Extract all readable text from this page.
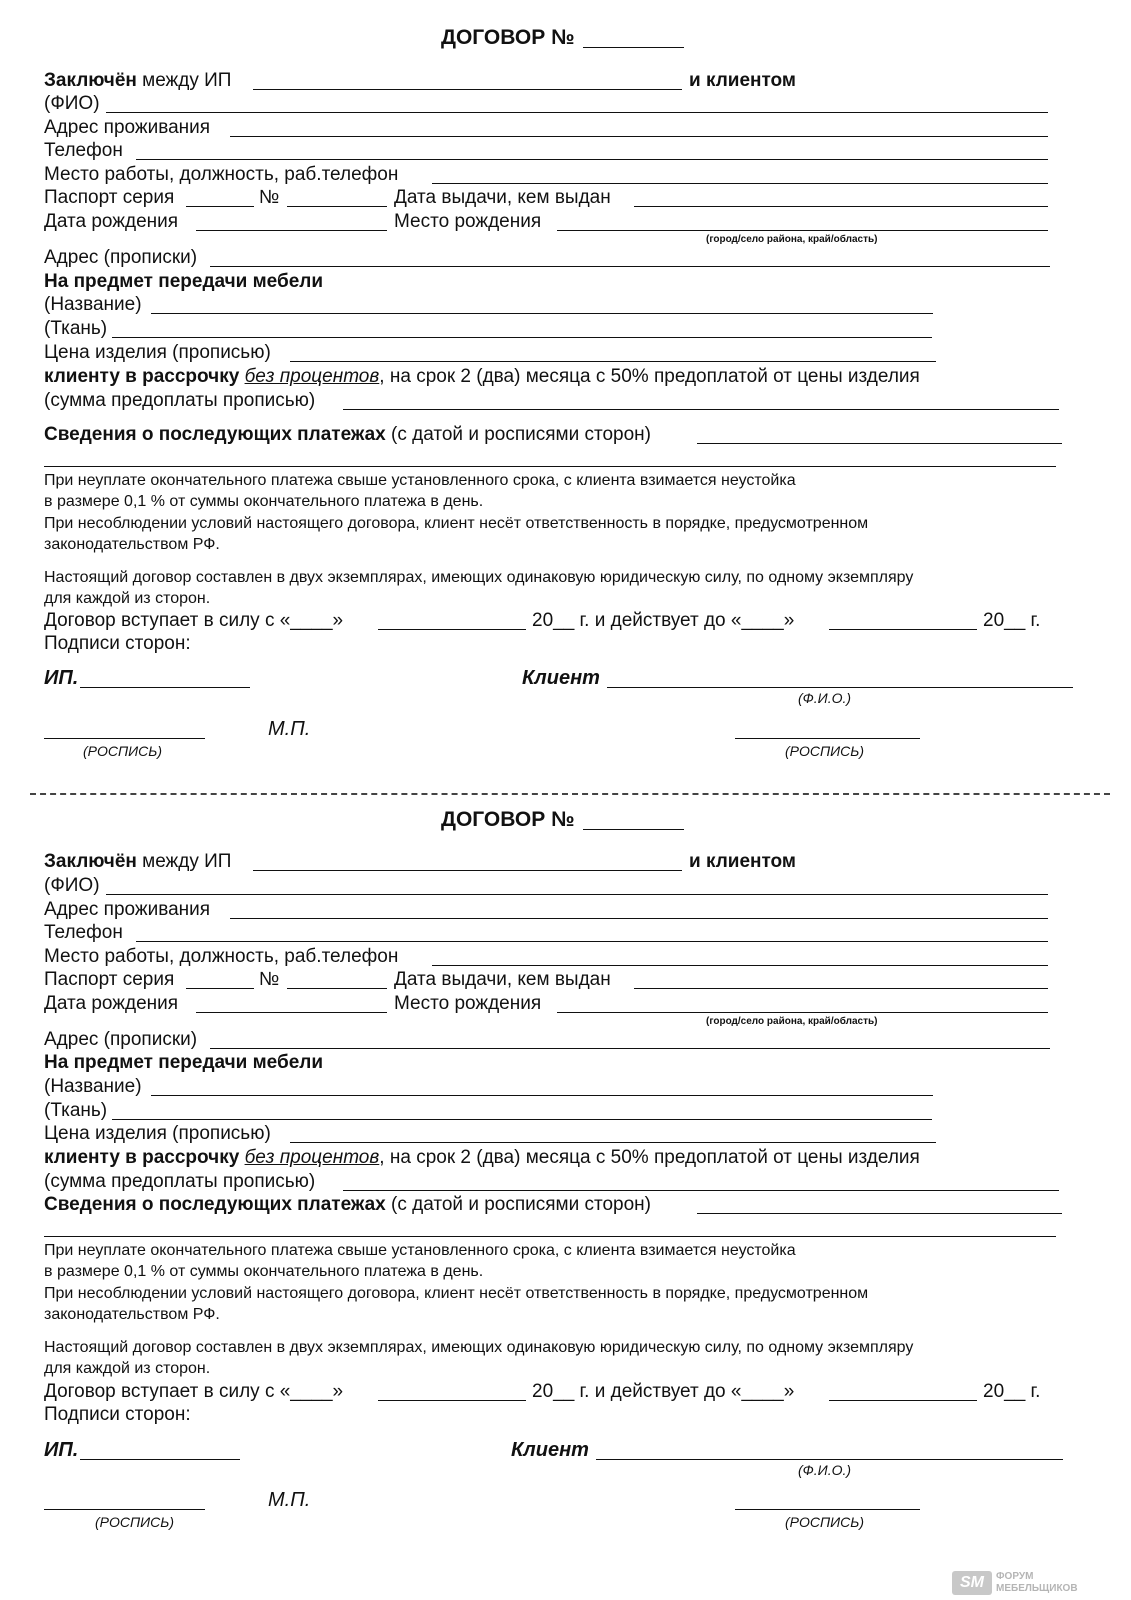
ДОГОВОР №
Заключён между ИП	и клиентом
(ФИО)
Адрес проживания
Телефон
Место работы, должность, раб.телефон
Паспорт серия	№	Дата выдачи, кем выдан
Дата рождения	Место рождения
(город/село района, край/область)
Адрес (прописки)
На предмет передачи мебели
(Название)
(Ткань)
Цена изделия (прописью)
клиенту в рассрочку без процентов, на срок 2 (два) месяца с 50% предоплатой от цены изделия
(сумма предоплаты прописью)
Сведения о последующих платежах (с датой и росписями сторон)
При неуплате окончательного платежа свыше установленного срока, с клиента взимается неустойка
в размере 0,1 % от суммы окончательного платежа в день.
При несоблюдении условий настоящего договора, клиент несёт ответственность в порядке, предусмотренном
законодательством РФ.
Настоящий договор составлен в двух экземплярах, имеющих одинаковую юридическую силу, по одному экземпляру
для каждой из сторон.
Договор вступает в силу с «____»	20__ г. и действует до «____»	20__ г.
Подписи сторон:
ИП.	Клиент
(Ф.И.О.)
(РОСПИСЬ)
М.П.
(РОСПИСЬ)
ДОГОВОР №
Заключён между ИП	и клиентом
(ФИО)
Адрес проживания
Телефон
Место работы, должность, раб.телефон
Паспорт серия	№	Дата выдачи, кем выдан
Дата рождения	Место рождения
(город/село района, край/область)
Адрес (прописки)
На предмет передачи мебели
(Название)
(Ткань)
Цена изделия (прописью)
клиенту в рассрочку без процентов, на срок 2 (два) месяца с 50% предоплатой от цены изделия
(сумма предоплаты прописью)
Сведения о последующих платежах (с датой и росписями сторон)
При неуплате окончательного платежа свыше установленного срока, с клиента взимается неустойка
в размере 0,1 % от суммы окончательного платежа в день.
При несоблюдении условий настоящего договора, клиент несёт ответственность в порядке, предусмотренном
законодательством РФ.
Настоящий договор составлен в двух экземплярах, имеющих одинаковую юридическую силу, по одному экземпляру
для каждой из сторон.
Договор вступает в силу с «____»	20__ г. и действует до «____»	20__ г.
Подписи сторон:
ИП.	Клиент
(Ф.И.О.)
(РОСПИСЬ)
М.П.
(РОСПИСЬ)
SM	ФОРУМ
МЕБЕЛЬЩИКОВ
